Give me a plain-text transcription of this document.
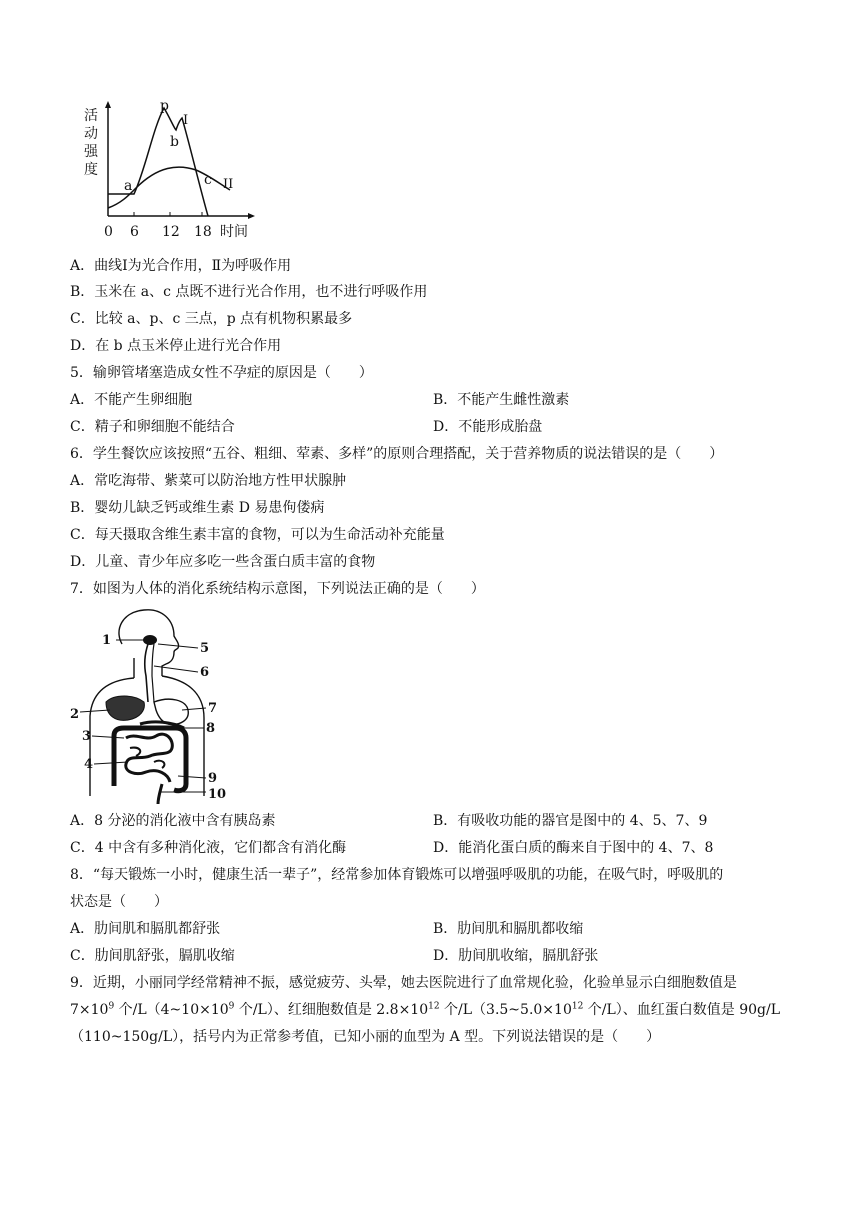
活
动
强
度
p
I
b
a	c II
0 6 12 18 时间
A．曲线Ⅰ为光合作用，Ⅱ为呼吸作用
B．玉米在 a、c 点既不进行光合作用，也不进行呼吸作用
C．比较 a、p、c 三点，p 点有机物积累最多
D．在 b 点玉米停止进行光合作用
5．输卵管堵塞造成女性不孕症的原因是（　　）
A．不能产生卵细胞	B．不能产生雌性激素
C．精子和卵细胞不能结合	D．不能形成胎盘
6．学生餐饮应该按照“五谷、粗细、荤素、多样”的原则合理搭配，关于营养物质的说法错误的是（　　）
A．常吃海带、紫菜可以防治地方性甲状腺肿
B．婴幼儿缺乏钙或维生素 D 易患佝偻病
C．每天摄取含维生素丰富的食物，可以为生命活动补充能量
D．儿童、青少年应多吃一些含蛋白质丰富的食物
7．如图为人体的消化系统结构示意图，下列说法正确的是（　　）
1
5
6
2	7
3
8
4
9
10
A．8 分泌的消化液中含有胰岛素	B．有吸收功能的器官是图中的 4、5、7、9
C．4 中含有多种消化液，它们都含有消化酶	D．能消化蛋白质的酶来自于图中的 4、7、8
8．“每天锻炼一小时，健康生活一辈子”，经常参加体育锻炼可以增强呼吸肌的功能，在吸气时，呼吸肌的
状态是（　　）
A．肋间肌和膈肌都舒张	B．肋间肌和膈肌都收缩
C．肋间肌舒张，膈肌收缩	D．肋间肌收缩，膈肌舒张
9．近期，小丽同学经常精神不振，感觉疲劳、头晕，她去医院进行了血常规化验，化验单显示白细胞数值是
$7\times 10^9$ 个$/L(4\sim 10\times 10^9$ 个/L）、红细胞数值是 $2.8\times 10^{12}$ 个$/L(3.5\sim 5.0\times 10^{12}$ 个/L）、血红蛋白数值是 90g/L
（110~150g/L），括号内为正常参考值，已知小丽的血型为 A 型。下列说法错误的是（　　）
